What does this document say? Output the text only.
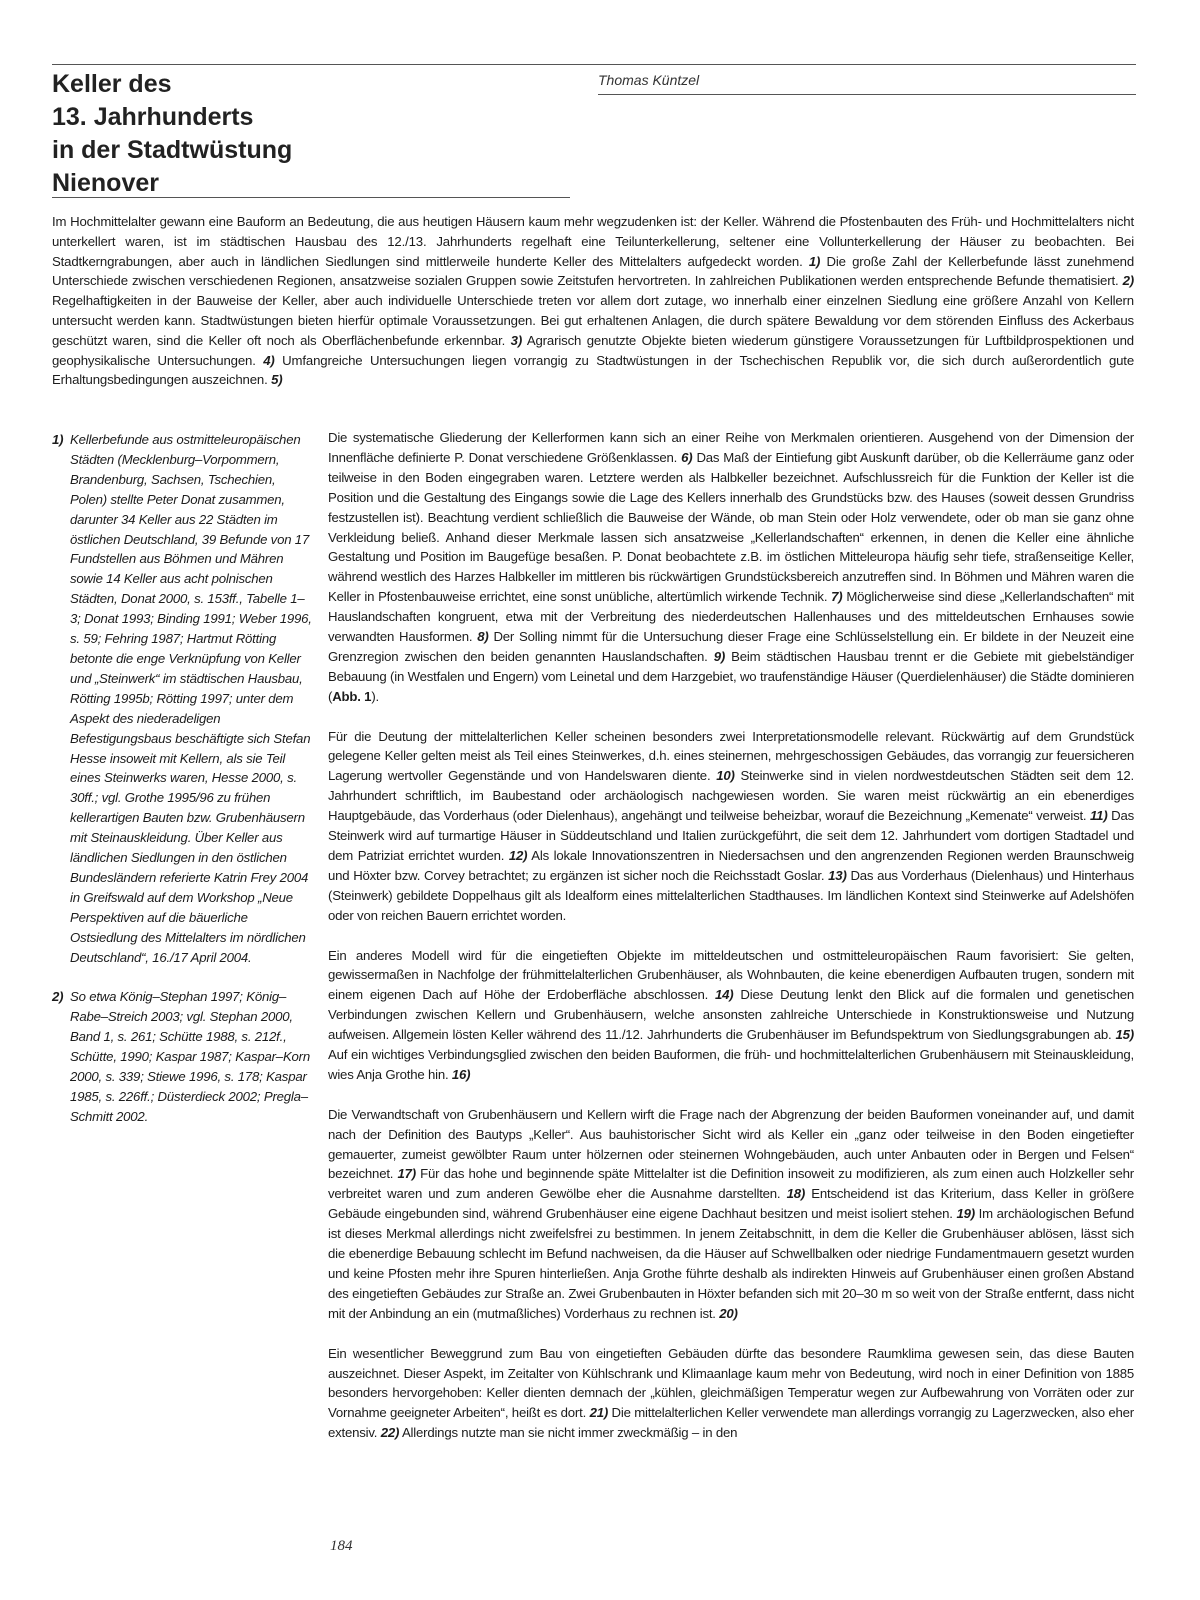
Keller des
13. Jahrhunderts
in der Stadtwüstung
Nienover

Thomas Küntzel

Im Hochmittelalter gewann eine Bauform an Bedeutung, die aus heutigen Häusern kaum mehr wegzudenken ist: der Keller. Während die Pfostenbauten des Früh- und Hochmittelalters nicht unterkellert waren, ist im städtischen Hausbau des 12./13. Jahrhunderts regelhaft eine Teilunterkellerung, seltener eine Vollunterkellerung der Häuser zu beobachten. Bei Stadtkerngrabungen, aber auch in ländlichen Siedlungen sind mittlerweile hunderte Keller des Mittelalters aufgedeckt worden. 1) Die große Zahl der Kellerbefunde lässt zunehmend Unterschiede zwischen verschiedenen Regionen, ansatzweise sozialen Gruppen sowie Zeitstufen hervortreten. In zahlreichen Publikationen werden entsprechende Befunde thematisiert. 2) Regelhaftigkeiten in der Bauweise der Keller, aber auch individuelle Unterschiede treten vor allem dort zutage, wo innerhalb einer einzelnen Siedlung eine größere Anzahl von Kellern untersucht werden kann. Stadtwüstungen bieten hierfür optimale Voraussetzungen. Bei gut erhaltenen Anlagen, die durch spätere Bewaldung vor dem störenden Einfluss des Ackerbaus geschützt waren, sind die Keller oft noch als Oberflächenbefunde erkennbar. 3) Agrarisch genutzte Objekte bieten wiederum günstigere Voraussetzungen für Luftbildprospektionen und geophysikalische Untersuchungen. 4) Umfangreiche Untersuchungen liegen vorrangig zu Stadtwüstungen in der Tschechischen Republik vor, die sich durch außerordentlich gute Erhaltungsbedingungen auszeichnen. 5)

1) Kellerbefunde aus ostmitteleuropäischen Städten (Mecklenburg–Vorpommern, Brandenburg, Sachsen, Tschechien, Polen) stellte Peter Donat zusammen, darunter 34 Keller aus 22 Städten im östlichen Deutschland, 39 Befunde von 17 Fundstellen aus Böhmen und Mähren sowie 14 Keller aus acht polnischen Städten, Donat 2000, s. 153ff., Tabelle 1–3; Donat 1993; Binding 1991; Weber 1996, s. 59; Fehring 1987; Hartmut Rötting betonte die enge Verknüpfung von Keller und „Steinwerk“ im städtischen Hausbau, Rötting 1995b; Rötting 1997; unter dem Aspekt des niederadeligen Befestigungsbaus beschäftigte sich Stefan Hesse insoweit mit Kellern, als sie Teil eines Steinwerks waren, Hesse 2000, s. 30ff.; vgl. Grothe 1995/96 zu frühen kellerartigen Bauten bzw. Grubenhäusern mit Steinauskleidung. Über Keller aus ländlichen Siedlungen in den östlichen Bundesländern referierte Katrin Frey 2004 in Greifswald auf dem Workshop „Neue Perspektiven auf die bäuerliche Ostsiedlung des Mittelalters im nördlichen Deutschland“, 16./17 April 2004.
2) So etwa König–Stephan 1997; König–Rabe–Streich 2003; vgl. Stephan 2000, Band 1, s. 261; Schütte 1988, s. 212f., Schütte, 1990; Kaspar 1987; Kaspar–Korn 2000, s. 339; Stiewe 1996, s. 178; Kaspar 1985, s. 226ff.; Düsterdieck 2002; Pregla–Schmitt 2002.

Die systematische Gliederung der Kellerformen kann sich an einer Reihe von Merkmalen orientieren. Ausgehend von der Dimension der Innenfläche definierte P. Donat verschiedene Größenklassen. 6) Das Maß der Eintiefung gibt Auskunft darüber, ob die Kellerräume ganz oder teilweise in den Boden eingegraben waren. Letztere werden als Halbkeller bezeichnet. Aufschlussreich für die Funktion der Keller ist die Position und die Gestaltung des Eingangs sowie die Lage des Kellers innerhalb des Grundstücks bzw. des Hauses (soweit dessen Grundriss festzustellen ist). Beachtung verdient schließlich die Bauweise der Wände, ob man Stein oder Holz verwendete, oder ob man sie ganz ohne Verkleidung beließ. Anhand dieser Merkmale lassen sich ansatzweise „Kellerlandschaften“ erkennen, in denen die Keller eine ähnliche Gestaltung und Position im Baugefüge besaßen. P. Donat beobachtete z.B. im östlichen Mitteleuropa häufig sehr tiefe, straßenseitige Keller, während westlich des Harzes Halbkeller im mittleren bis rückwärtigen Grundstücksbereich anzutreffen sind. In Böhmen und Mähren waren die Keller in Pfostenbauweise errichtet, eine sonst unübliche, altertümlich wirkende Technik. 7) Möglicherweise sind diese „Kellerlandschaften“ mit Hauslandschaften kongruent, etwa mit der Verbreitung des niederdeutschen Hallenhauses und des mitteldeutschen Ernhauses sowie verwandten Hausformen. 8) Der Solling nimmt für die Untersuchung dieser Frage eine Schlüsselstellung ein. Er bildete in der Neuzeit eine Grenzregion zwischen den beiden genannten Hauslandschaften. 9) Beim städtischen Hausbau trennt er die Gebiete mit giebelständiger Bebauung (in Westfalen und Engern) vom Leinetal und dem Harzgebiet, wo traufenständige Häuser (Querdielenhäuser) die Städte dominieren (Abb. 1).

Für die Deutung der mittelalterlichen Keller scheinen besonders zwei Interpretationsmodelle relevant. Rückwärtig auf dem Grundstück gelegene Keller gelten meist als Teil eines Steinwerkes, d.h. eines steinernen, mehrgeschossigen Gebäudes, das vorrangig zur feuersicheren Lagerung wertvoller Gegenstände und von Handelswaren diente. 10) Steinwerke sind in vielen nordwestdeutschen Städten seit dem 12. Jahrhundert schriftlich, im Baubestand oder archäologisch nachgewiesen worden. Sie waren meist rückwärtig an ein ebenerdiges Hauptgebäude, das Vorderhaus (oder Dielenhaus), angehängt und teilweise beheizbar, worauf die Bezeichnung „Kemenate“ verweist. 11) Das Steinwerk wird auf turmartige Häuser in Süddeutschland und Italien zurückgeführt, die seit dem 12. Jahrhundert vom dortigen Stadtadel und dem Patriziat errichtet wurden. 12) Als lokale Innovationszentren in Niedersachsen und den angrenzenden Regionen werden Braunschweig und Höxter bzw. Corvey betrachtet; zu ergänzen ist sicher noch die Reichsstadt Goslar. 13) Das aus Vorderhaus (Dielenhaus) und Hinterhaus (Steinwerk) gebildete Doppelhaus gilt als Idealform eines mittelalterlichen Stadthauses. Im ländlichen Kontext sind Steinwerke auf Adelshöfen oder von reichen Bauern errichtet worden.

Ein anderes Modell wird für die eingetieften Objekte im mitteldeutschen und ostmitteleuropäischen Raum favorisiert: Sie gelten, gewissermaßen in Nachfolge der frühmittelalterlichen Grubenhäuser, als Wohnbauten, die keine ebenerdigen Aufbauten trugen, sondern mit einem eigenen Dach auf Höhe der Erdoberfläche abschlossen. 14) Diese Deutung lenkt den Blick auf die formalen und genetischen Verbindungen zwischen Kellern und Grubenhäusern, welche ansonsten zahlreiche Unterschiede in Konstruktionsweise und Nutzung aufweisen. Allgemein lösten Keller während des 11./12. Jahrhunderts die Grubenhäuser im Befundspektrum von Siedlungsgrabungen ab. 15) Auf ein wichtiges Verbindungsglied zwischen den beiden Bauformen, die früh- und hochmittelalterlichen Grubenhäusern mit Steinauskleidung, wies Anja Grothe hin. 16)

Die Verwandtschaft von Grubenhäusern und Kellern wirft die Frage nach der Abgrenzung der beiden Bauformen voneinander auf, und damit nach der Definition des Bautyps „Keller“. Aus bauhistorischer Sicht wird als Keller ein „ganz oder teilweise in den Boden eingetiefter gemauerter, zumeist gewölbter Raum unter hölzernen oder steinernen Wohngebäuden, auch unter Anbauten oder in Bergen und Felsen“ bezeichnet. 17) Für das hohe und beginnende späte Mittelalter ist die Definition insoweit zu modifizieren, als zum einen auch Holzkeller sehr verbreitet waren und zum anderen Gewölbe eher die Ausnahme darstellten. 18) Entscheidend ist das Kriterium, dass Keller in größere Gebäude eingebunden sind, während Grubenhäuser eine eigene Dachhaut besitzen und meist isoliert stehen. 19) Im archäologischen Befund ist dieses Merkmal allerdings nicht zweifelsfrei zu bestimmen. In jenem Zeitabschnitt, in dem die Keller die Grubenhäuser ablösen, lässt sich die ebenerdige Bebauung schlecht im Befund nachweisen, da die Häuser auf Schwellbalken oder niedrige Fundamentmauern gesetzt wurden und keine Pfosten mehr ihre Spuren hinterließen. Anja Grothe führte deshalb als indirekten Hinweis auf Grubenhäuser einen großen Abstand des eingetieften Gebäudes zur Straße an. Zwei Grubenbauten in Höxter befanden sich mit 20–30 m so weit von der Straße entfernt, dass nicht mit der Anbindung an ein (mutmaßliches) Vorderhaus zu rechnen ist. 20)

Ein wesentlicher Beweggrund zum Bau von eingetieften Gebäuden dürfte das besondere Raumklima gewesen sein, das diese Bauten auszeichnet. Dieser Aspekt, im Zeitalter von Kühlschrank und Klimaanlage kaum mehr von Bedeutung, wird noch in einer Definition von 1885 besonders hervorgehoben: Keller dienten demnach der „kühlen, gleichmäßigen Temperatur wegen zur Aufbewahrung von Vorräten oder zur Vornahme geeigneter Arbeiten“, heißt es dort. 21) Die mittelalterlichen Keller verwendete man allerdings vorrangig zu Lagerzwecken, also eher extensiv. 22) Allerdings nutzte man sie nicht immer zweckmäßig – in den

184
